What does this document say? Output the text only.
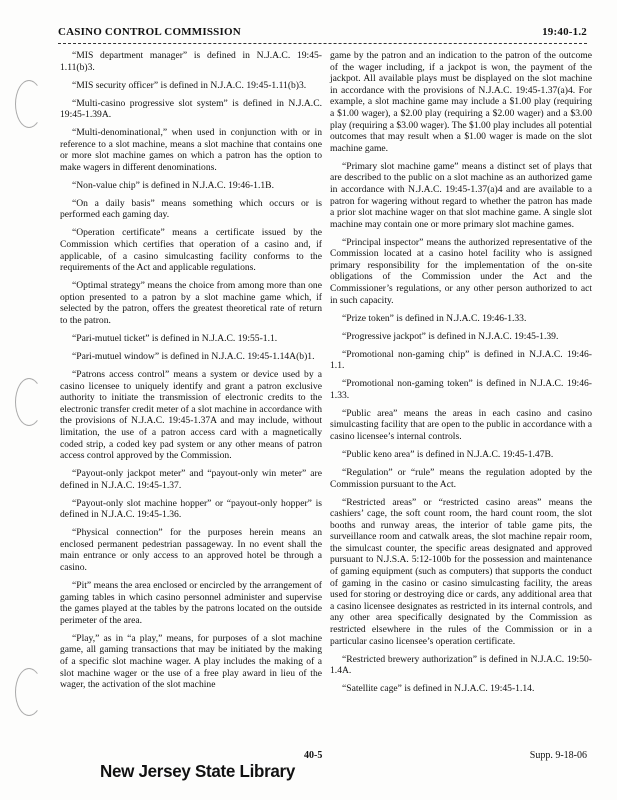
CASINO CONTROL COMMISSION	19:40-1.2

“MIS department manager” is defined in N.J.A.C. 19:45-1.11(b)3.

“MIS security officer” is defined in N.J.A.C. 19:45-1.11(b)3.

“Multi-casino progressive slot system” is defined in N.J.A.C. 19:45-1.39A.

“Multi-denominational,” when used in conjunction with or in reference to a slot machine, means a slot machine that contains one or more slot machine games on which a patron has the option to make wagers in different denominations.

“Non-value chip” is defined in N.J.A.C. 19:46-1.1B.

“On a daily basis” means something which occurs or is performed each gaming day.

“Operation certificate” means a certificate issued by the Commission which certifies that operation of a casino and, if applicable, of a casino simulcasting facility conforms to the requirements of the Act and applicable regulations.

“Optimal strategy” means the choice from among more than one option presented to a patron by a slot machine game which, if selected by the patron, offers the greatest theoretical rate of return to the patron.

“Pari-mutuel ticket” is defined in N.J.A.C. 19:55-1.1.

“Pari-mutuel window” is defined in N.J.A.C. 19:45-1.14A(b)1.

“Patrons access control” means a system or device used by a casino licensee to uniquely identify and grant a patron exclusive authority to initiate the transmission of electronic credits to the electronic transfer credit meter of a slot machine in accordance with the provisions of N.J.A.C. 19:45-1.37A and may include, without limitation, the use of a patron access card with a magnetically coded strip, a coded key pad system or any other means of patron access control approved by the Commission.

“Payout-only jackpot meter” and “payout-only win meter” are defined in N.J.A.C. 19:45-1.37.

“Payout-only slot machine hopper” or “payout-only hopper” is defined in N.J.A.C. 19:45-1.36.

“Physical connection” for the purposes herein means an enclosed permanent pedestrian passageway. In no event shall the main entrance or only access to an approved hotel be through a casino.

“Pit” means the area enclosed or encircled by the arrangement of gaming tables in which casino personnel administer and supervise the games played at the tables by the patrons located on the outside perimeter of the area.

“Play,” as in “a play,” means, for purposes of a slot machine game, all gaming transactions that may be initiated by the making of a specific slot machine wager. A play includes the making of a slot machine wager or the use of a free play award in lieu of the wager, the activation of the slot machine

game by the patron and an indication to the patron of the outcome of the wager including, if a jackpot is won, the payment of the jackpot. All available plays must be displayed on the slot machine in accordance with the provisions of N.J.A.C. 19:45-1.37(a)4. For example, a slot machine game may include a $1.00 play (requiring a $1.00 wager), a $2.00 play (requiring a $2.00 wager) and a $3.00 play (requiring a $3.00 wager). The $1.00 play includes all potential outcomes that may result when a $1.00 wager is made on the slot machine game.

“Primary slot machine game” means a distinct set of plays that are described to the public on a slot machine as an authorized game in accordance with N.J.A.C. 19:45-1.37(a)4 and are available to a patron for wagering without regard to whether the patron has made a prior slot machine wager on that slot machine game. A single slot machine may contain one or more primary slot machine games.

“Principal inspector” means the authorized representative of the Commission located at a casino hotel facility who is assigned primary responsibility for the implementation of the on-site obligations of the Commission under the Act and the Commissioner’s regulations, or any other person authorized to act in such capacity.

“Prize token” is defined in N.J.A.C. 19:46-1.33.

“Progressive jackpot” is defined in N.J.A.C. 19:45-1.39.

“Promotional non-gaming chip” is defined in N.J.A.C. 19:46-1.1.

“Promotional non-gaming token” is defined in N.J.A.C. 19:46-1.33.

“Public area” means the areas in each casino and casino simulcasting facility that are open to the public in accordance with a casino licensee’s internal controls.

“Public keno area” is defined in N.J.A.C. 19:45-1.47B.

“Regulation” or “rule” means the regulation adopted by the Commission pursuant to the Act.

“Restricted areas” or “restricted casino areas” means the cashiers’ cage, the soft count room, the hard count room, the slot booths and runway areas, the interior of table game pits, the surveillance room and catwalk areas, the slot machine repair room, the simulcast counter, the specific areas designated and approved pursuant to N.J.S.A. 5:12-100b for the possession and maintenance of gaming equipment (such as computers) that supports the conduct of gaming in the casino or casino simulcasting facility, the areas used for storing or destroying dice or cards, any additional area that a casino licensee designates as restricted in its internal controls, and any other area specifically designated by the Commission as restricted elsewhere in the rules of the Commission or in a particular casino licensee’s operation certificate.

“Restricted brewery authorization” is defined in N.J.A.C. 19:50-1.4A.

“Satellite cage” is defined in N.J.A.C. 19:45-1.14.

New Jersey State Library
40-5	Supp. 9-18-06
